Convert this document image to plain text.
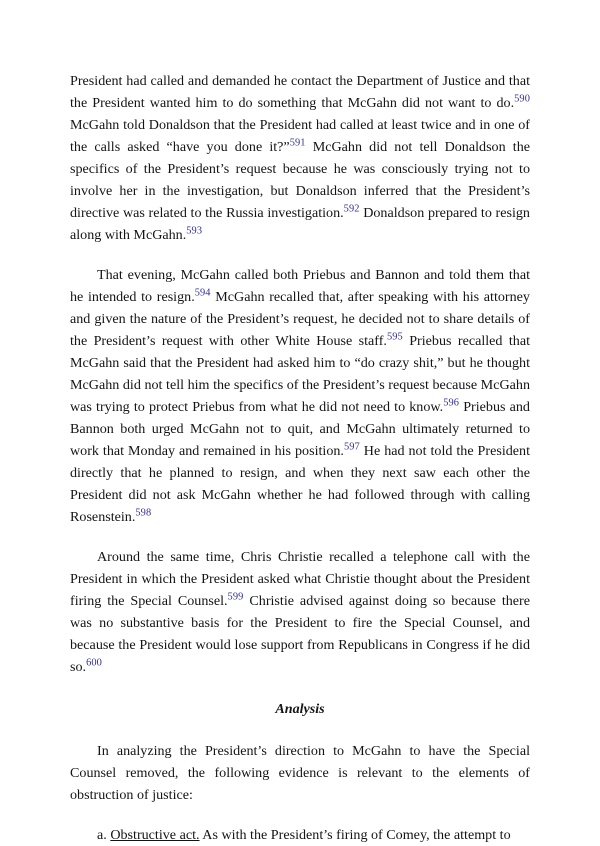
President had called and demanded he contact the Department of Justice and that the President wanted him to do something that McGahn did not want to do.$^{590}$ McGahn told Donaldson that the President had called at least twice and in one of the calls asked “have you done it?”$^{591}$ McGahn did not tell Donaldson the specifics of the President’s request because he was consciously trying not to involve her in the investigation, but Donaldson inferred that the President’s directive was related to the Russia investigation.$^{592}$ Donaldson prepared to resign along with McGahn.$^{593}$

That evening, McGahn called both Priebus and Bannon and told them that he intended to resign.$^{594}$ McGahn recalled that, after speaking with his attorney and given the nature of the President’s request, he decided not to share details of the President’s request with other White House staff.$^{595}$ Priebus recalled that McGahn said that the President had asked him to “do crazy shit,” but he thought McGahn did not tell him the specifics of the President’s request because McGahn was trying to protect Priebus from what he did not need to know.$^{596}$ Priebus and Bannon both urged McGahn not to quit, and McGahn ultimately returned to work that Monday and remained in his position.$^{597}$ He had not told the President directly that he planned to resign, and when they next saw each other the President did not ask McGahn whether he had followed through with calling Rosenstein.$^{598}$

Around the same time, Chris Christie recalled a telephone call with the President in which the President asked what Christie thought about the President firing the Special Counsel.$^{599}$ Christie advised against doing so because there was no substantive basis for the President to fire the Special Counsel, and because the President would lose support from Republicans in Congress if he did so.$^{600}$

Analysis

In analyzing the President’s direction to McGahn to have the Special Counsel removed, the following evidence is relevant to the elements of obstruction of justice:

a. Obstructive act. As with the President’s firing of Comey, the attempt to
